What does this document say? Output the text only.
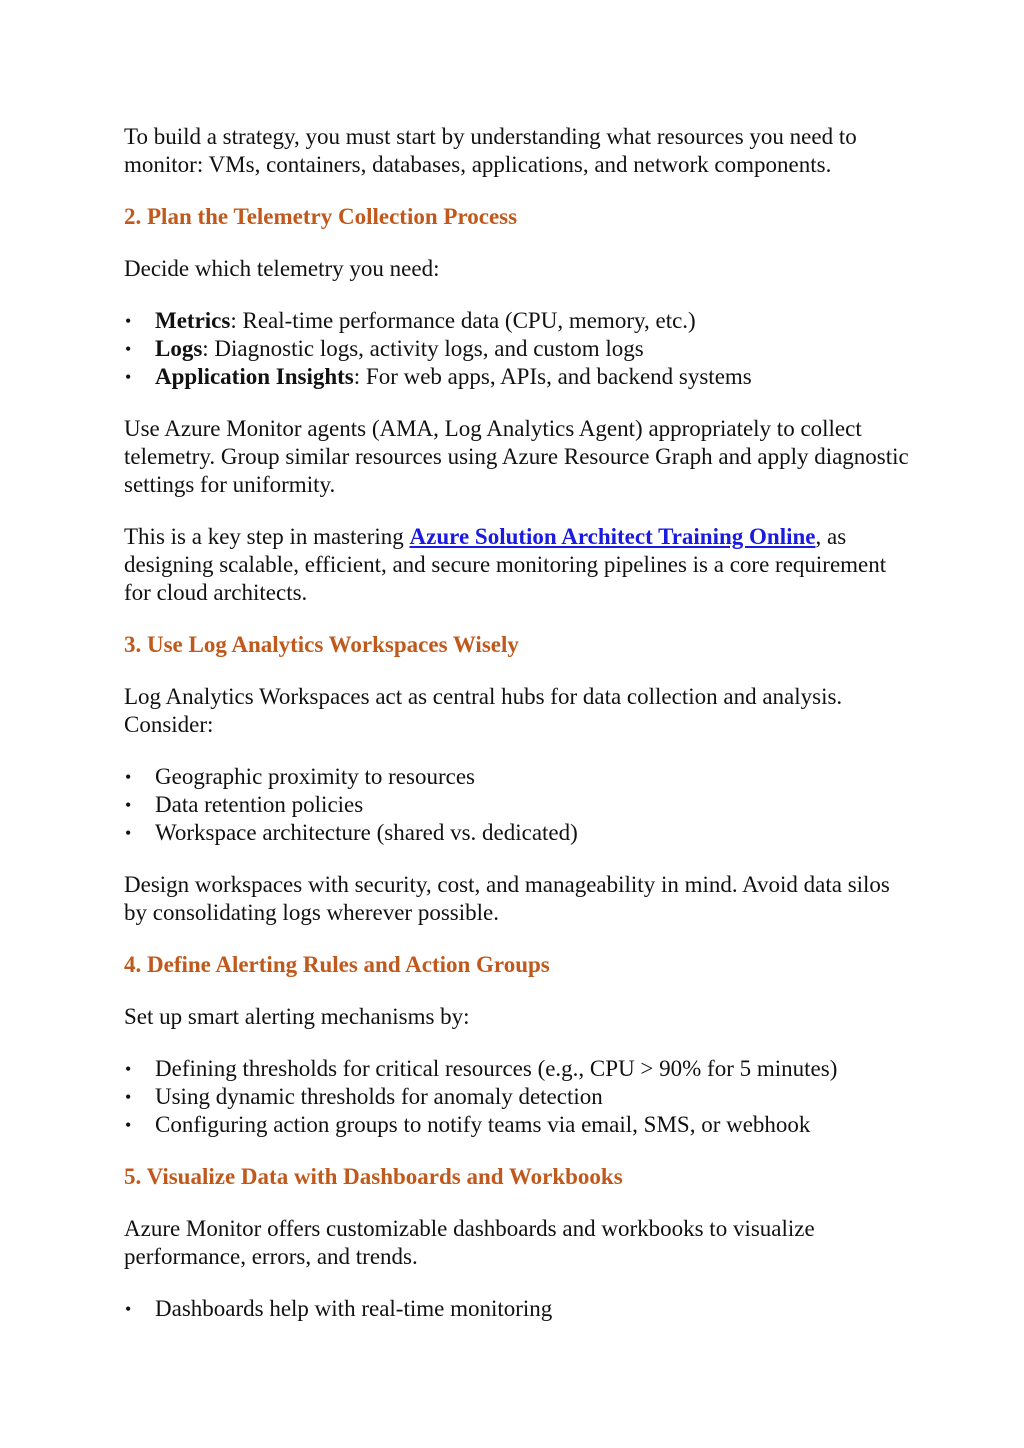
To build a strategy, you must start by understanding what resources you need to monitor: VMs, containers, databases, applications, and network components.

2. Plan the Telemetry Collection Process

Decide which telemetry you need:

• Metrics: Real-time performance data (CPU, memory, etc.)
• Logs: Diagnostic logs, activity logs, and custom logs
• Application Insights: For web apps, APIs, and backend systems

Use Azure Monitor agents (AMA, Log Analytics Agent) appropriately to collect telemetry. Group similar resources using Azure Resource Graph and apply diagnostic settings for uniformity.

This is a key step in mastering Azure Solution Architect Training Online, as designing scalable, efficient, and secure monitoring pipelines is a core requirement for cloud architects.

3. Use Log Analytics Workspaces Wisely

Log Analytics Workspaces act as central hubs for data collection and analysis. Consider:

• Geographic proximity to resources
• Data retention policies
• Workspace architecture (shared vs. dedicated)

Design workspaces with security, cost, and manageability in mind. Avoid data silos by consolidating logs wherever possible.

4. Define Alerting Rules and Action Groups

Set up smart alerting mechanisms by:

• Defining thresholds for critical resources (e.g., CPU > 90% for 5 minutes)
• Using dynamic thresholds for anomaly detection
• Configuring action groups to notify teams via email, SMS, or webhook
5. Visualize Data with Dashboards and Workbooks

Azure Monitor offers customizable dashboards and workbooks to visualize performance, errors, and trends.

• Dashboards help with real-time monitoring
